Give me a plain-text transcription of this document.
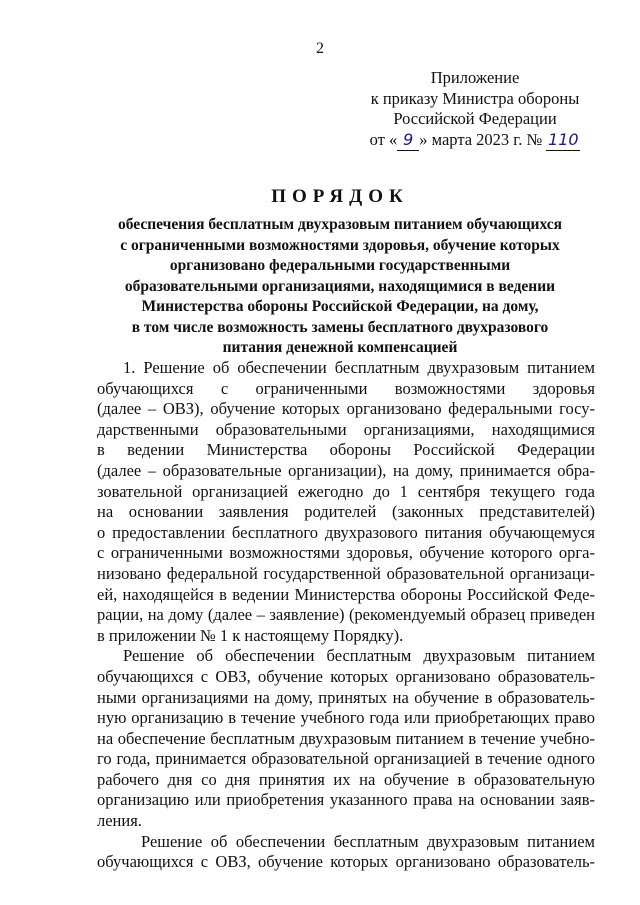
2
Приложение
к приказу Министра обороны
Российской Федерации
от « 9 » марта 2023 г. № 110
ПОРЯДОК
обеспечения бесплатным двухразовым питанием обучающихся
с ограниченными возможностями здоровья, обучение которых
организовано федеральными государственными
образовательными организациями, находящимися в ведении
Министерства обороны Российской Федерации, на дому,
в том числе возможность замены бесплатного двухразового
питания денежной компенсацией
1. Решение об обеспечении бесплатным двухразовым питанием
обучающихся с ограниченными возможностями здоровья
(далее – ОВЗ), обучение которых организовано федеральными госу-
дарственными образовательными организациями, находящимися
в ведении Министерства обороны Российской Федерации
(далее – образовательные организации), на дому, принимается обра-
зовательной организацией ежегодно до 1 сентября текущего года
на основании заявления родителей (законных представителей)
о предоставлении бесплатного двухразового питания обучающемуся
с ограниченными возможностями здоровья, обучение которого орга-
низовано федеральной государственной образовательной организаци-
ей, находящейся в ведении Министерства обороны Российской Феде-
рации, на дому (далее – заявление) (рекомендуемый образец приведен
в приложении № 1 к настоящему Порядку).
Решение об обеспечении бесплатным двухразовым питанием
обучающихся с ОВЗ, обучение которых организовано образователь-
ными организациями на дому, принятых на обучение в образователь-
ную организацию в течение учебного года или приобретающих право
на обеспечение бесплатным двухразовым питанием в течение учебно-
го года, принимается образовательной организацией в течение одного
рабочего дня со дня принятия их на обучение в образовательную
организацию или приобретения указанного права на основании заяв-
ления.
Решение об обеспечении бесплатным двухразовым питанием
обучающихся с ОВЗ, обучение которых организовано образователь-
